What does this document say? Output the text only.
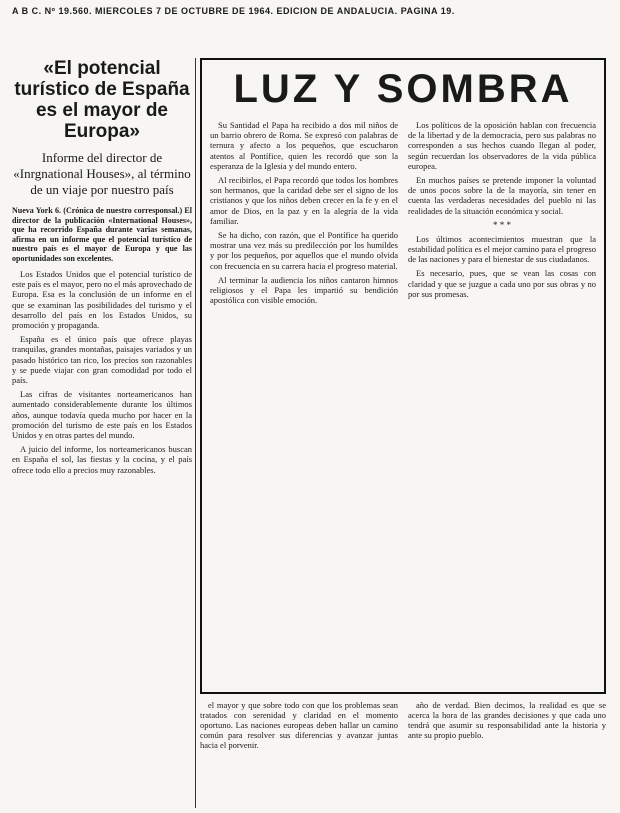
A B C. Nº 19.560. MIERCOLES 7 DE OCTUBRE DE 1964. EDICION DE ANDALUCIA. PAGINA 19.
«El potencial turístico de España es el mayor de Europa»
Informe del director de «Inrgnational Houses», al término de un viaje por nuestro país
Nueva York 6. (Crónica de nuestro corresponsal.) El director de la publicación «International Houses», que ha recorrido España durante varias semanas, afirma en un informe que el potencial turístico de nuestro país es el mayor de Europa y que las oportunidades son excelentes.

Los Estados Unidos que el potencial turístico de este país es el mayor, pero no el más aprovechado de Europa. Esa es la conclusión de un informe en el que se examinan las posibilidades del turismo y el desarrollo del país en los Estados Unidos, su promoción y propaganda.

España es el único país que ofrece playas tranquilas, grandes montañas, paisajes variados y un pasado histórico tan rico, los precios son razonables y se puede viajar con gran comodidad por todo el país.

Las cifras de visitantes norteamericanos han aumentado considerablemente durante los últimos años, aunque todavía queda mucho por hacer en la promoción del turismo de este país en los Estados Unidos y en otras partes del mundo.

A juicio del informe, los norteamericanos buscan en España el sol, las fiestas y la cocina, y el país ofrece todo ello a precios muy razonables.

LUZ Y SOMBRA

Su Santidad el Papa ha recibido a dos mil niños de un barrio obrero de Roma. Se expresó con palabras de ternura y afecto a los pequeños, que escucharon atentos al Pontífice, quien les recordó que son la esperanza de la Iglesia y del mundo entero.

Al recibirlos, el Papa recordó que todos los hombres son hermanos, que la caridad debe ser el signo de los cristianos y que los niños deben crecer en la fe y en el amor de Dios, en la paz y en la alegría de la vida familiar.

Se ha dicho, con razón, que el Pontífice ha querido mostrar una vez más su predilección por los humildes y por los pequeños, por aquellos que el mundo olvida con frecuencia en su carrera hacia el progreso material.

Al terminar la audiencia los niños cantaron himnos religiosos y el Papa les impartió su bendición apostólica con visible emoción.

Los políticos de la oposición hablan con frecuencia de la libertad y de la democracia, pero sus palabras no corresponden a sus hechos cuando llegan al poder, según recuerdan los observadores de la vida pública europea.

En muchos países se pretende imponer la voluntad de unos pocos sobre la de la mayoría, sin tener en cuenta las verdaderas necesidades del pueblo ni las realidades de la situación económica y social.

* * *

Los últimos acontecimientos muestran que la estabilidad política es el mejor camino para el progreso de las naciones y para el bienestar de sus ciudadanos.

Es necesario, pues, que se vean las cosas con claridad y que se juzgue a cada uno por sus obras y no por sus promesas.

el mayor y que sobre todo con que los problemas sean tratados con serenidad y claridad en el momento oportuno. Las naciones europeas deben hallar un camino común para resolver sus diferencias y avanzar juntas hacia el porvenir.

año de verdad. Bien decimos, la realidad es que se acerca la hora de las grandes decisiones y que cada uno tendrá que asumir su responsabilidad ante la historia y ante su propio pueblo.
